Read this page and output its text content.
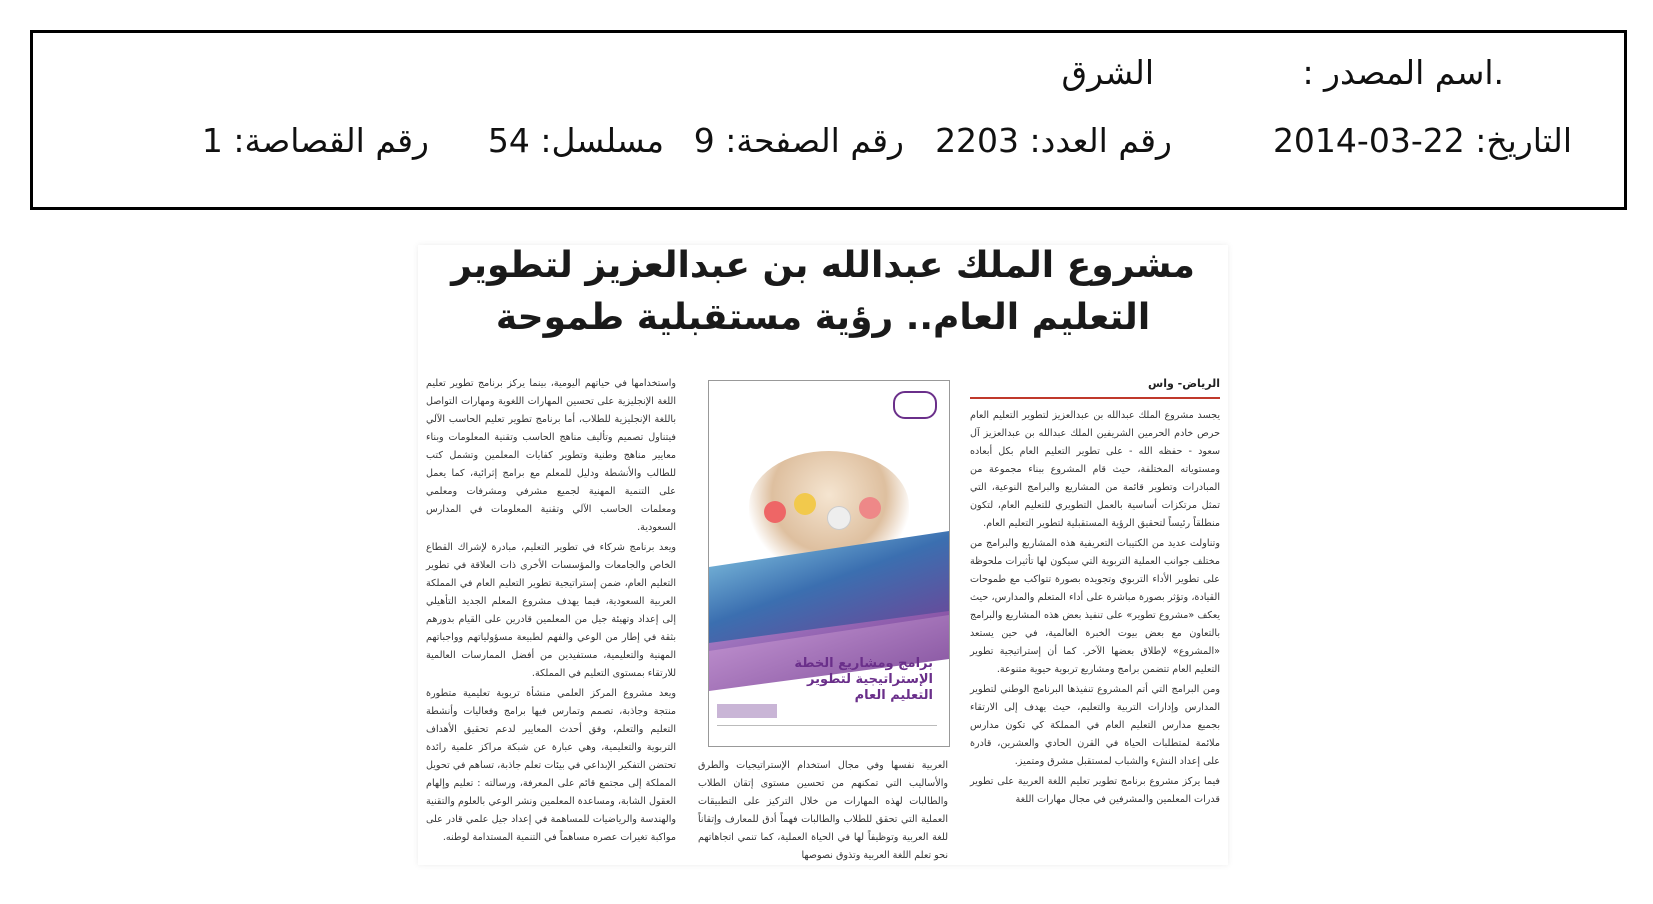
.اسم المصدر :
الشرق
التاريخ: 2014-03-22
رقم العدد: 2203
رقم الصفحة: 9
مسلسل: 54
رقم القصاصة: 1
مشروع الملك عبدالله بن عبدالعزيز لتطوير
التعليم العام.. رؤية مستقبلية طموحة
الرياض- واس

يجسد مشروع الملك عبدالله بن عبدالعزيز لتطوير التعليم العام حرص خادم الحرمين الشريفين الملك عبدالله بن عبدالعزيز آل سعود - حفظه الله - على تطوير التعليم العام بكل أبعاده ومستوياته المختلفة، حيث قام المشروع ببناء مجموعة من المبادرات وتطوير قائمة من المشاريع والبرامج النوعية، التي تمثل مرتكزات أساسية بالعمل التطويري للتعليم العام، لتكون منطلقاً رئيساً لتحقيق الرؤية المستقبلية لتطوير التعليم العام.

وتناولت عديد من الكتيبات التعريفية هذه المشاريع والبرامج من مختلف جوانب العملية التربوية التي سيكون لها تأثيرات ملحوظة على تطوير الأداء التربوي وتجويده بصورة تتواكب مع طموحات القيادة، وتؤثر بصورة مباشرة على أداء المتعلم والمدارس، حيث يعكف «مشروع تطوير» على تنفيذ بعض هذه المشاريع والبرامج بالتعاون مع بعض بيوت الخبرة العالمية، في حين يستعد «المشروع» لإطلاق بعضها الآخر. كما أن إستراتيجية تطوير التعليم العام تتضمن برامج ومشاريع تربوية حيوية متنوعة.

ومن البرامج التي أتم المشروع تنفيذها البرنامج الوطني لتطوير المدارس وإدارات التربية والتعليم، حيث يهدف إلى الارتقاء بجميع مدارس التعليم العام في المملكة كي تكون مدارس ملائمة لمتطلبات الحياة في القرن الحادي والعشرين، قادرة على إعداد النشء والشباب لمستقبل مشرق ومتميز.

فيما يركز مشروع برنامج تطوير تعليم اللغة العربية على تطوير قدرات المعلمين والمشرفين في مجال مهارات اللغة

برامج ومشاريع الخطة الإستراتيجية لتطوير التعليم العام

العربية نفسها وفي مجال استخدام الإستراتيجيات والطرق والأساليب التي تمكنهم من تحسين مستوى إتقان الطلاب والطالبات لهذه المهارات من خلال التركيز على التطبيقات العملية التي تحقق للطلاب والطالبات فهماً أدق للمعارف وإتقاناً للغة العربية وتوظيفاً لها في الحياة العملية، كما تنمي اتجاهاتهم نحو تعلم اللغة العربية وتذوق نصوصها

واستخدامها في حياتهم اليومية، بينما يركز برنامج تطوير تعليم اللغة الإنجليزية على تحسين المهارات اللغوية ومهارات التواصل باللغة الإنجليزية للطلاب، أما برنامج تطوير تعليم الحاسب الآلي فيتناول تصميم وتأليف مناهج الحاسب وتقنية المعلومات وبناء معايير مناهج وطنية وتطوير كفايات المعلمين وتشمل كتب للطالب والأنشطة ودليل للمعلم مع برامج إثرائية، كما يعمل على التنمية المهنية لجميع مشرفي ومشرفات ومعلمي ومعلمات الحاسب الآلي وتقنية المعلومات في المدارس السعودية.

ويعد برنامج شركاء في تطوير التعليم، مبادرة لإشراك القطاع الخاص والجامعات والمؤسسات الأخرى ذات العلاقة في تطوير التعليم العام، ضمن إستراتيجية تطوير التعليم العام في المملكة العربية السعودية، فيما يهدف مشروع المعلم الجديد التأهيلي إلى إعداد وتهيئة جيل من المعلمين قادرين على القيام بدورهم بثقة في إطار من الوعي والفهم لطبيعة مسؤولياتهم وواجباتهم المهنية والتعليمية، مستفيدين من أفضل الممارسات العالمية للارتقاء بمستوى التعليم في المملكة.

ويعد مشروع المركز العلمي منشأة تربوية تعليمية متطورة منتجة وجاذبة، تصمم وتمارس فيها برامج وفعاليات وأنشطة التعليم والتعلم، وفق أحدث المعايير لدعم تحقيق الأهداف التربوية والتعليمية، وهي عبارة عن شبكة مراكز علمية رائدة تحتضن التفكير الإبداعي في بيئات تعلم جاذبة، تساهم في تحويل المملكة إلى مجتمع قائم على المعرفة، ورسالته : تعليم وإلهام العقول الشابة، ومساعدة المعلمين ونشر الوعي بالعلوم والتقنية والهندسة والرياضيات للمساهمة في إعداد جيل علمي قادر على مواكبة تغيرات عصره مساهماً في التنمية المستدامة لوطنه.
